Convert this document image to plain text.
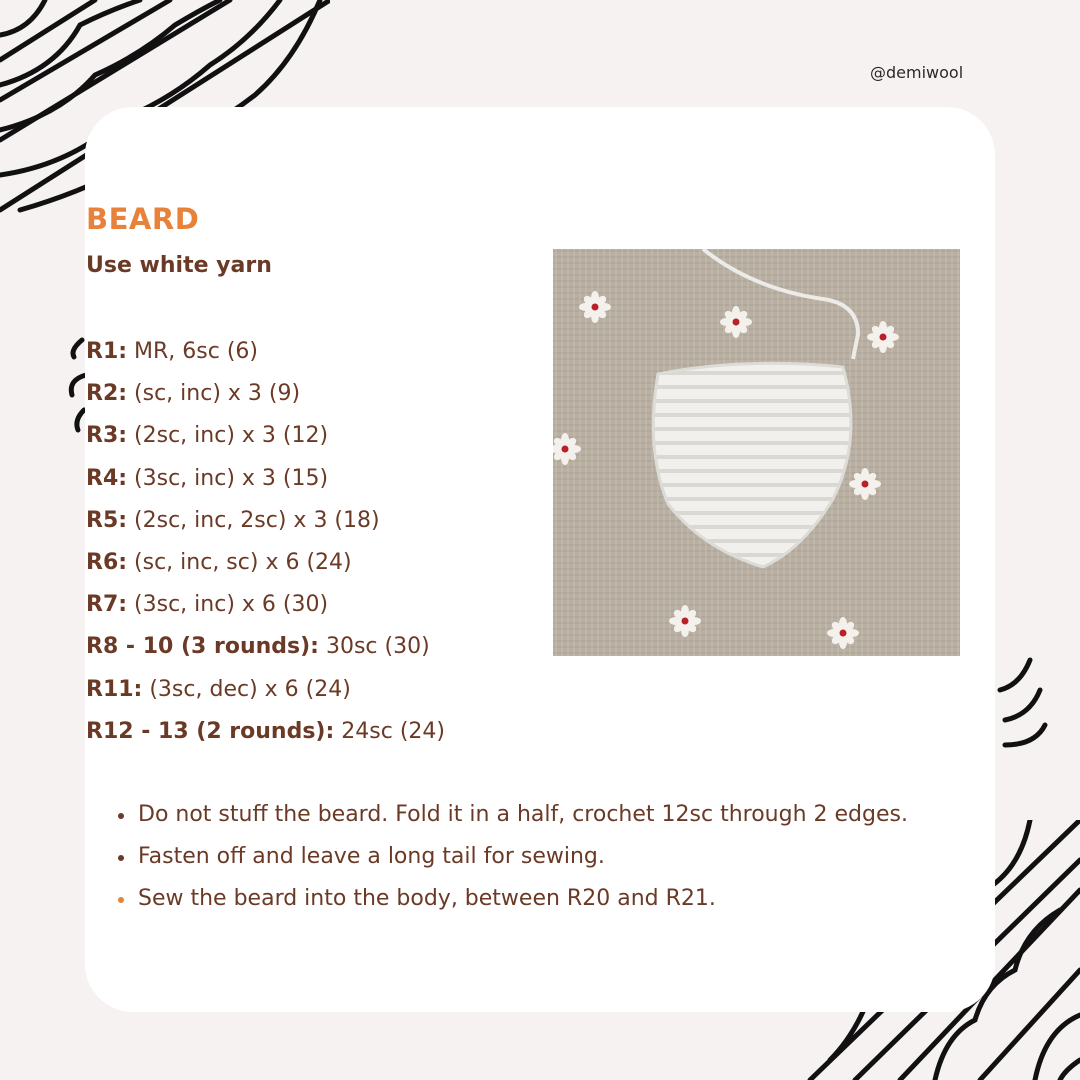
@demiwool
BEARD
Use white yarn
R1: MR, 6sc (6)
R2: (sc, inc) x 3 (9)
R3: (2sc, inc) x 3 (12)
R4: (3sc, inc) x 3 (15)
R5: (2sc, inc, 2sc) x 3 (18)
R6: (sc, inc, sc) x 6 (24)
R7: (3sc, inc) x 6 (30)
R8 - 10 (3 rounds): 30sc (30)
R11: (3sc, dec) x 6 (24)
R12 - 13 (2 rounds): 24sc (24)
Do not stuff the beard. Fold it in a half, crochet 12sc through 2 edges.
Fasten off and leave a long tail for sewing.
Sew the beard into the body, between R20 and R21.
